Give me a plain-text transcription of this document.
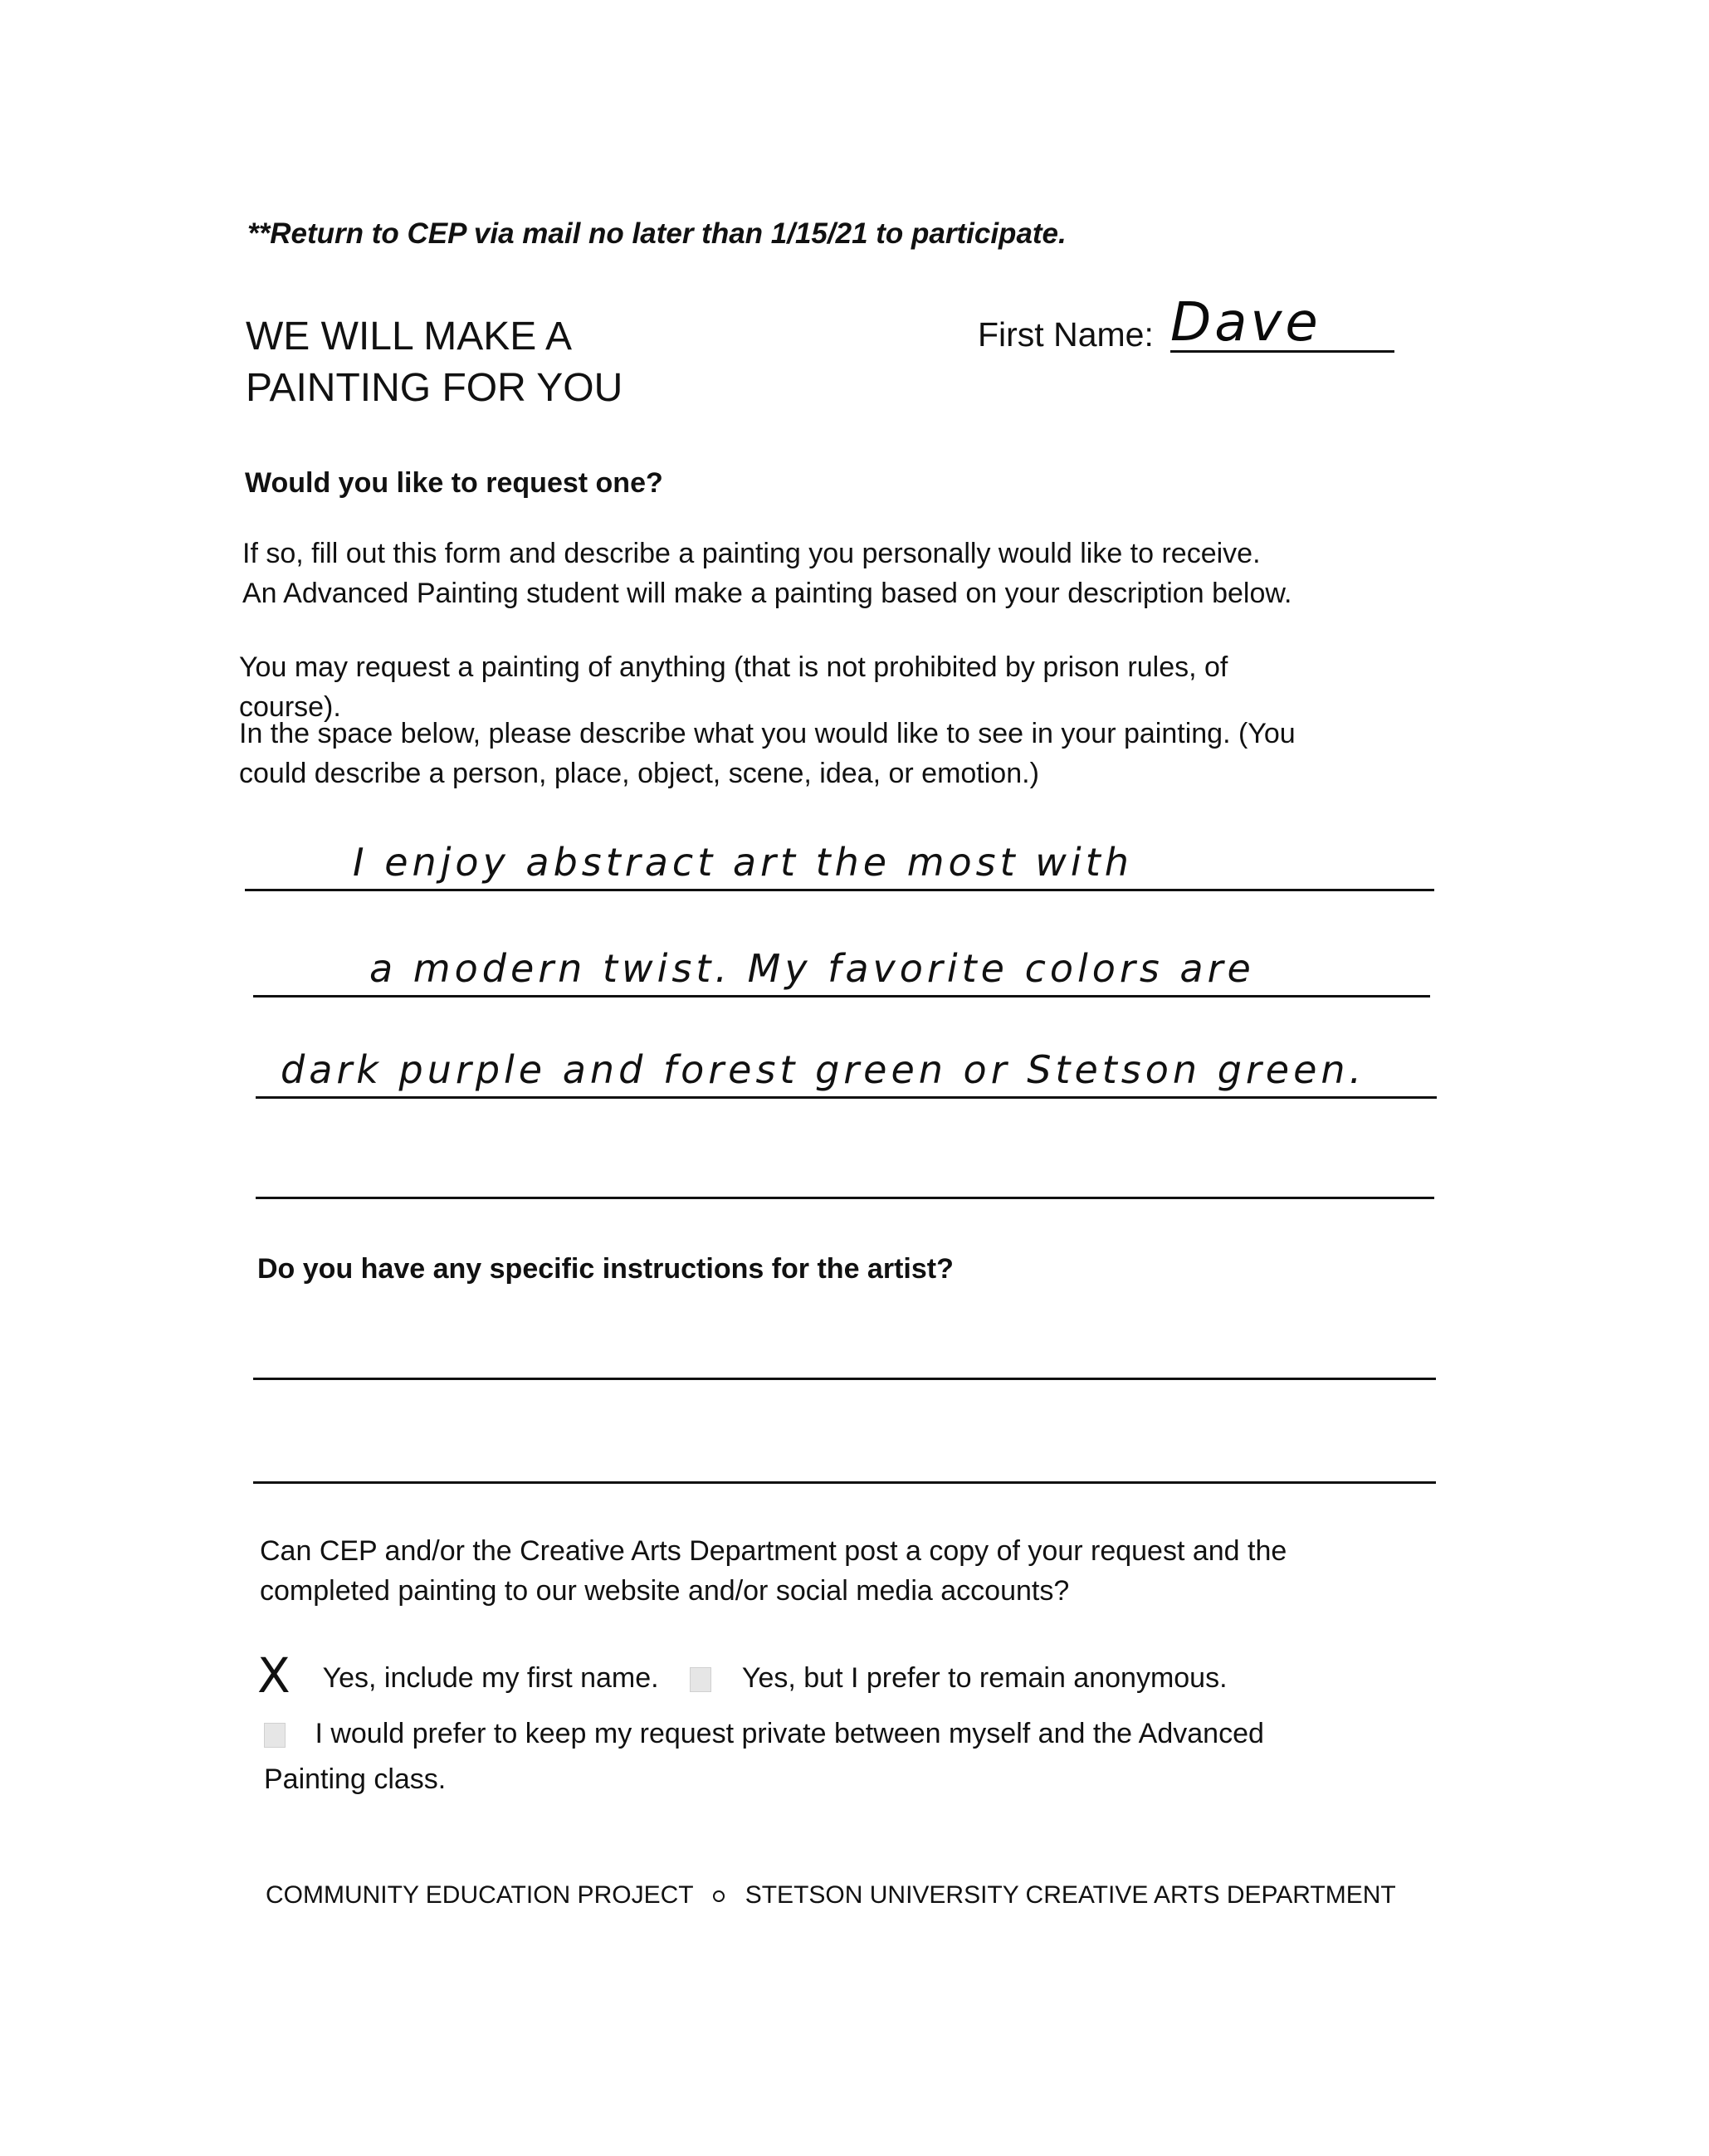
**Return to CEP via mail no later than 1/15/21 to participate.
WE WILL MAKE A
PAINTING FOR YOU
First Name: Dave
Would you like to request one?
If so, fill out this form and describe a painting you personally would like to receive.
An Advanced Painting student will make a painting based on your description below.
You may request a painting of anything (that is not prohibited by prison rules, of
course).
In the space below, please describe what you would like to see in your painting. (You
could describe a person, place, object, scene, idea, or emotion.)
I enjoy abstract art the most with
a modern twist. My favorite colors are
dark purple and forest green or Stetson green.
Do you have any specific instructions for the artist?
Can CEP and/or the Creative Arts Department post a copy of your request and the
completed painting to our website and/or social media accounts?
X Yes, include my first name.	Yes, but I prefer to remain anonymous.
I would prefer to keep my request private between myself and the Advanced
Painting class.
COMMUNITY EDUCATION PROJECT STETSON UNIVERSITY CREATIVE ARTS DEPARTMENT
